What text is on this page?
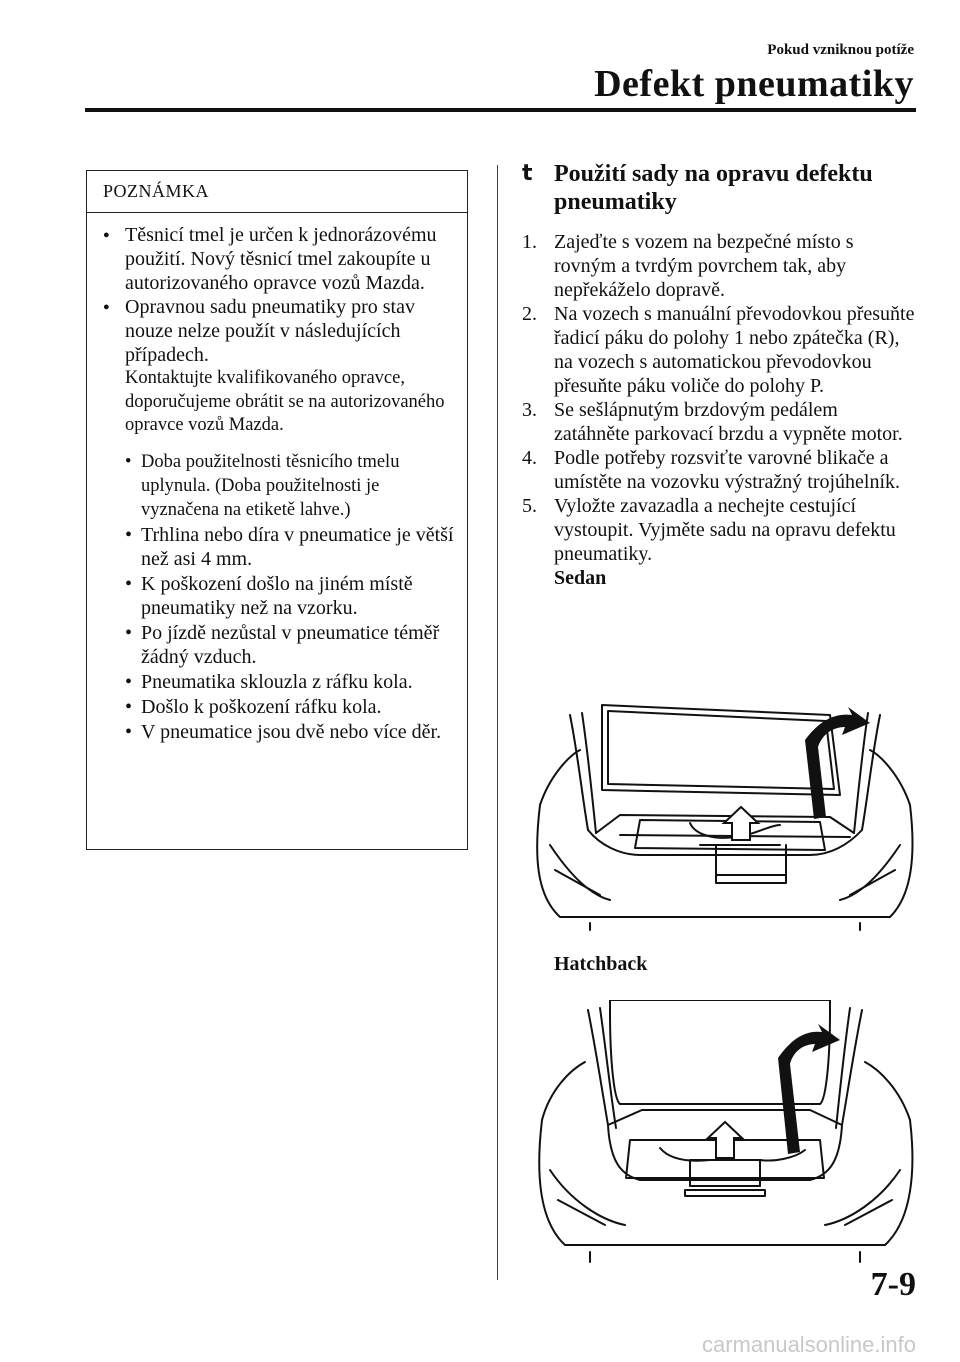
Pokud vzniknou potíže
Defekt pneumatiky
POZNÁMKA
● Těsnicí tmel je určen k jednorázovému použití. Nový těsnicí tmel zakoupíte u autorizovaného opravce vozů Mazda.
● Opravnou sadu pneumatiky pro stav nouze nelze použít v následujících případech.
Kontaktujte kvalifikovaného opravce, doporučujeme obrátit se na autorizovaného opravce vozů Mazda.
• Doba použitelnosti těsnicího tmelu uplynula. (Doba použitelnosti je vyznačena na etiketě lahve.)
• Trhlina nebo díra v pneumatice je větší než asi 4 mm.
• K poškození došlo na jiném místě pneumatiky než na vzorku.
• Po jízdě nezůstal v pneumatice téměř žádný vzduch.
• Pneumatika sklouzla z ráfku kola.
• Došlo k poškození ráfku kola.
• V pneumatice jsou dvě nebo více děr.
t Použití sady na opravu defektu pneumatiky
1. Zajeďte s vozem na bezpečné místo s rovným a tvrdým povrchem tak, aby nepřekáželo dopravě.
2. Na vozech s manuální převodovkou přesuňte řadicí páku do polohy 1 nebo zpátečka (R), na vozech s automatickou převodovkou přesuňte páku voliče do polohy P.
3. Se sešlápnutým brzdovým pedálem zatáhněte parkovací brzdu a vypněte motor.
4. Podle potřeby rozsviťte varovné blikače a umístěte na vozovku výstražný trojúhelník.
5. Vyložte zavazadla a nechejte cestující vystoupit. Vyjměte sadu na opravu defektu pneumatiky.
Sedan
Hatchback
7-9
carmanualsonline.info
